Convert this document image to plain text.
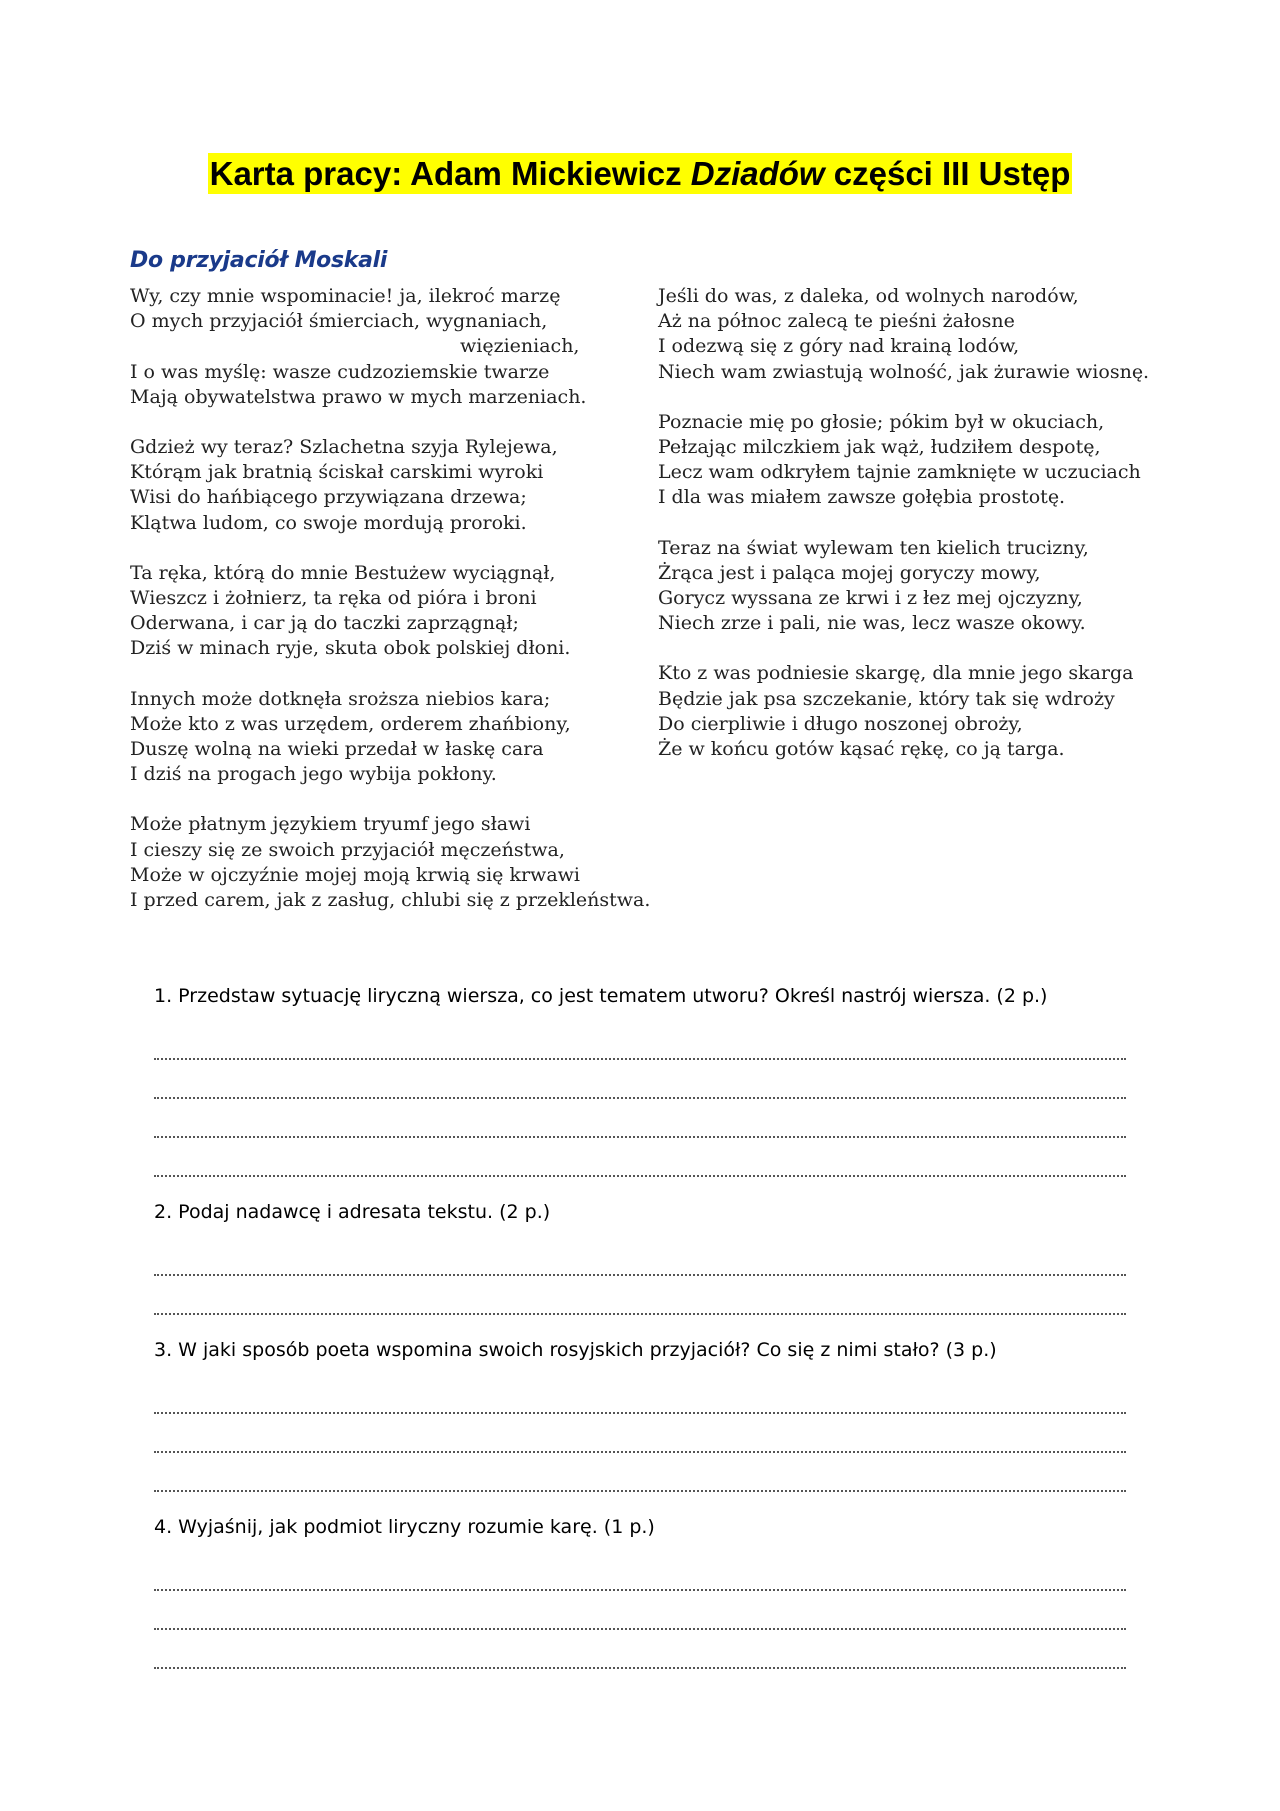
Karta pracy: Adam Mickiewicz Dziadów części III Ustęp
Do przyjaciół Moskali
Wy, czy mnie wspominacie! ja, ilekroć marzę
O mych przyjaciół śmierciach, wygnaniach,
więzieniach,
I o was myślę: wasze cudzoziemskie twarze
Mają obywatelstwa prawo w mych marzeniach.
Gdzież wy teraz? Szlachetna szyja Rylejewa,
Którąm jak bratnią ściskał carskimi wyroki
Wisi do hańbiącego przywiązana drzewa;
Klątwa ludom, co swoje mordują proroki.
Ta ręka, którą do mnie Bestużew wyciągnął,
Wieszcz i żołnierz, ta ręka od pióra i broni
Oderwana, i car ją do taczki zaprzągnął;
Dziś w minach ryje, skuta obok polskiej dłoni.
Innych może dotknęła sroższa niebios kara;
Może kto z was urzędem, orderem zhańbiony,
Duszę wolną na wieki przedał w łaskę cara
I dziś na progach jego wybija pokłony.
Może płatnym językiem tryumf jego sławi
I cieszy się ze swoich przyjaciół męczeństwa,
Może w ojczyźnie mojej moją krwią się krwawi
I przed carem, jak z zasług, chlubi się z przekleństwa.
Jeśli do was, z daleka, od wolnych narodów,
Aż na północ zalecą te pieśni żałosne
I odezwą się z góry nad krainą lodów,
Niech wam zwiastują wolność, jak żurawie wiosnę.
Poznacie mię po głosie; pókim był w okuciach,
Pełzając milczkiem jak wąż, łudziłem despotę,
Lecz wam odkryłem tajnie zamknięte w uczuciach
I dla was miałem zawsze gołębia prostotę.
Teraz na świat wylewam ten kielich trucizny,
Żrąca jest i paląca mojej goryczy mowy,
Gorycz wyssana ze krwi i z łez mej ojczyzny,
Niech zrze i pali, nie was, lecz wasze okowy.
Kto z was podniesie skargę, dla mnie jego skarga
Będzie jak psa szczekanie, który tak się wdroży
Do cierpliwie i długo noszonej obroży,
Że w końcu gotów kąsać rękę, co ją targa.
1. Przedstaw sytuację liryczną wiersza, co jest tematem utworu? Określ nastrój wiersza. (2 p.)
2. Podaj nadawcę i adresata tekstu. (2 p.)
3. W jaki sposób poeta wspomina swoich rosyjskich przyjaciół? Co się z nimi stało? (3 p.)
4. Wyjaśnij, jak podmiot liryczny rozumie karę. (1 p.)
